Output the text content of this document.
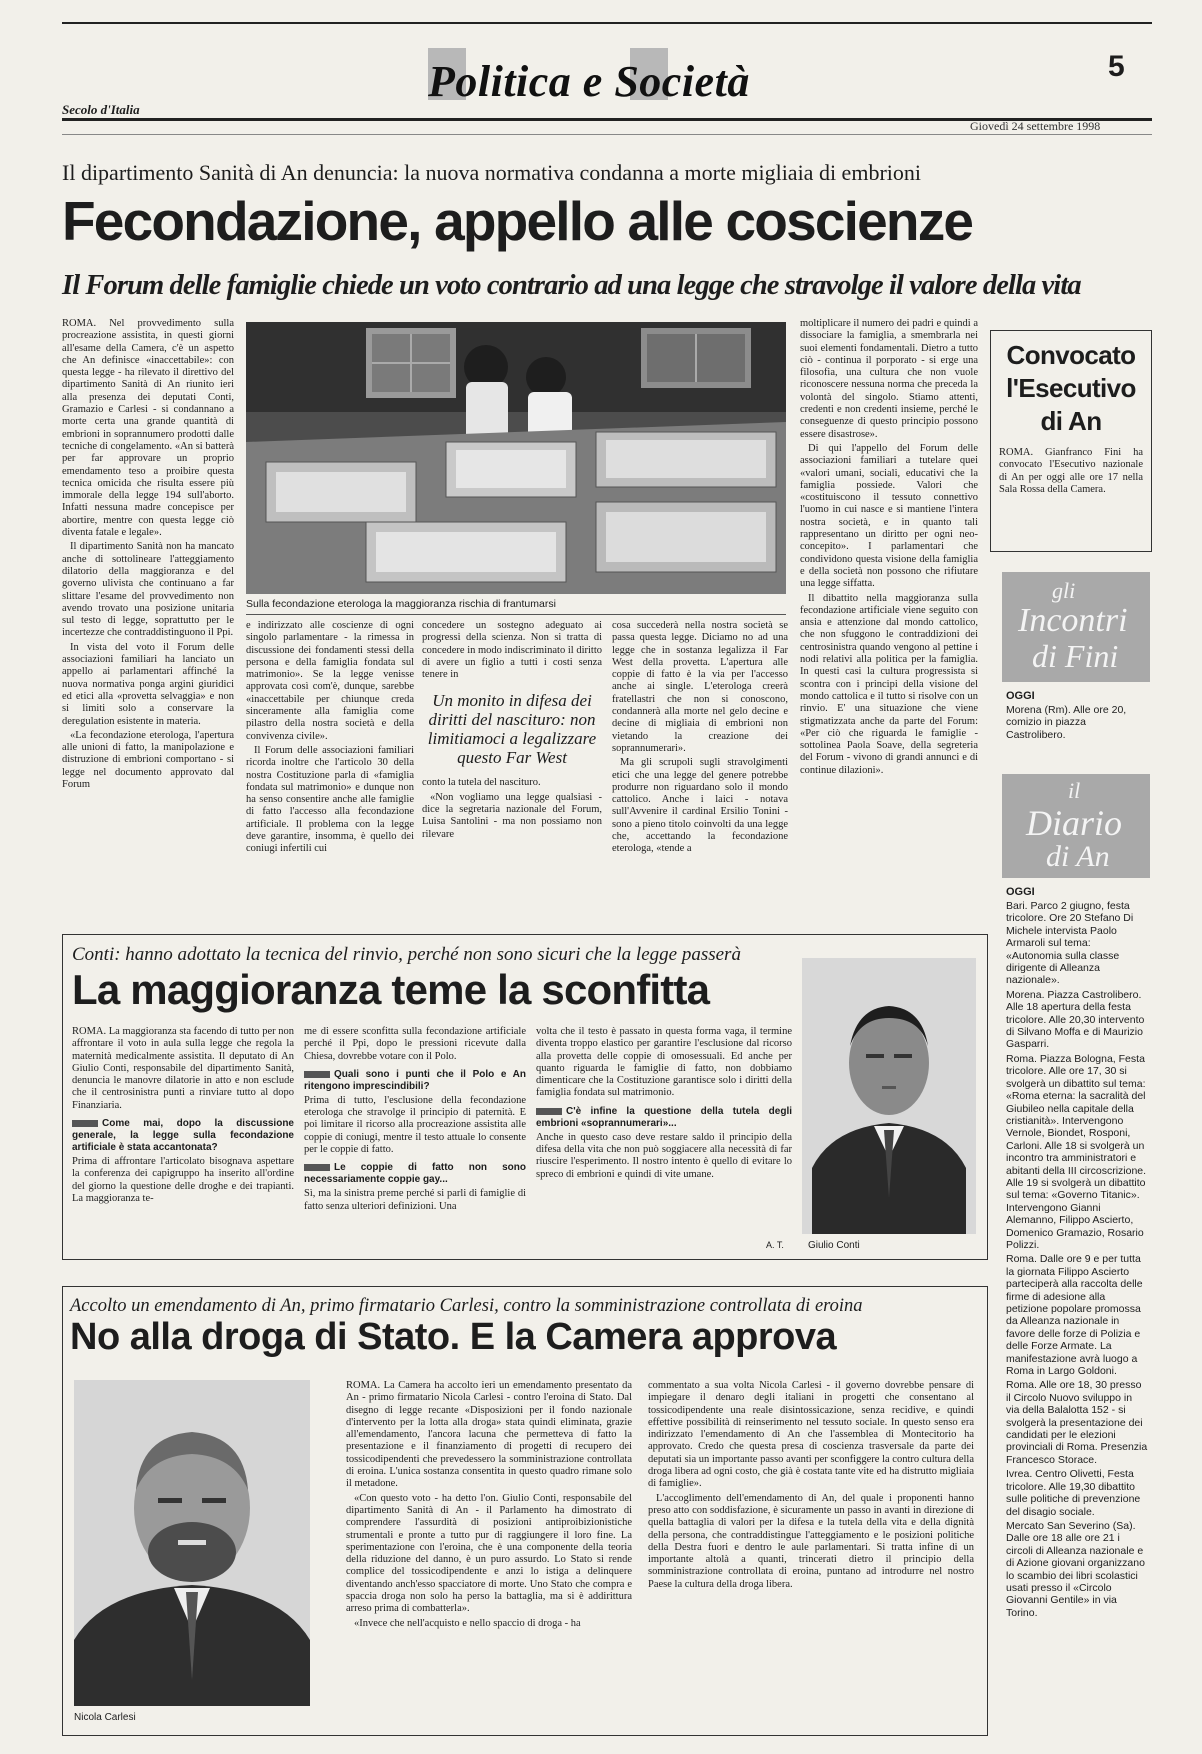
Politica e Società	5
Secolo d'Italia
Giovedì 24 settembre 1998
Il dipartimento Sanità di An denuncia: la nuova normativa condanna a morte migliaia di embrioni
Fecondazione, appello alle coscienze
Il Forum delle famiglie chiede un voto contrario ad una legge che stravolge il valore della vita

ROMA. Nel provvedimento sulla procreazione assistita, in questi giorni all'esame della Camera, c'è un aspetto che An definisce «inaccettabile»: con questa legge - ha rilevato il direttivo del dipartimento Sanità di An riunito ieri alla presenza dei deputati Conti, Gramazio e Carlesi - si condannano a morte certa una grande quantità di embrioni in soprannumero prodotti dalle tecniche di congelamento. «An si batterà per far approvare un proprio emendamento teso a proibire questa tecnica omicida che risulta essere più immorale della legge 194 sull'aborto. Infatti nessuna madre concepisce per abortire, mentre con questa legge ciò diventa fatale e legale».

Il dipartimento Sanità non ha mancato anche di sottolineare l'atteggiamento dilatorio della maggioranza e del governo ulivista che continuano a far slittare l'esame del provvedimento non avendo trovato una posizione unitaria sul testo di legge, soprattutto per le incertezze che contraddistinguono il Ppi.

In vista del voto il Forum delle associazioni familiari ha lanciato un appello ai parlamentari affinché la nuova normativa ponga argini giuridici ed etici alla «provetta selvaggia» e non si limiti solo a conservare la deregulation esistente in materia.

«La fecondazione eterologa, l'apertura alle unioni di fatto, la manipolazione e distruzione di embrioni comportano - si legge nel documento approvato dal Forum

Sulla fecondazione eterologa la maggioranza rischia di frantumarsi

e indirizzato alle coscienze di ogni singolo parlamentare - la rimessa in discussione dei fondamenti stessi della persona e della famiglia fondata sul matrimonio». Se la legge venisse approvata così com'è, dunque, sarebbe «inaccettabile per chiunque creda sinceramente alla famiglia come pilastro della nostra società e della convivenza civile».

Il Forum delle associazioni familiari ricorda inoltre che l'articolo 30 della nostra Costituzione parla di «famiglia fondata sul matrimonio» e dunque non ha senso consentire anche alle famiglie di fatto l'accesso alla fecondazione artificiale. Il problema con la legge deve garantire, insomma, è quello dei coniugi infertili cui

concedere un sostegno adeguato ai progressi della scienza. Non si tratta di concedere in modo indiscriminato il diritto di avere un figlio a tutti i costi senza tenere in

Un monito in difesa dei diritti del nascituro: non limitiamoci a legalizzare questo Far West

conto la tutela del nascituro.

«Non vogliamo una legge qualsiasi - dice la segretaria nazionale del Forum, Luisa Santolini - ma non possiamo non rilevare

cosa succederà nella nostra società se passa questa legge. Diciamo no ad una legge che in sostanza legalizza il Far West della provetta. L'apertura alle coppie di fatto è la via per l'accesso anche ai single. L'eterologa creerà fratellastri che non si conoscono, condannerà alla morte nel gelo decine e decine di migliaia di embrioni non vietando la creazione dei soprannumerari».

Ma gli scrupoli sugli stravolgimenti etici che una legge del genere potrebbe produrre non riguardano solo il mondo cattolico. Anche i laici - notava sull'Avvenire il cardinal Ersilio Tonini - sono a pieno titolo coinvolti da una legge che, accettando la fecondazione eterologa, «tende a

moltiplicare il numero dei padri e quindi a dissociare la famiglia, a smembrarla nei suoi elementi fondamentali. Dietro a tutto ciò - continua il porporato - si erge una filosofia, una cultura che non vuole riconoscere nessuna norma che preceda la volontà del singolo. Stiamo attenti, credenti e non credenti insieme, perché le conseguenze di questo principio possono essere disastrose».

Di qui l'appello del Forum delle associazioni familiari a tutelare quei «valori umani, sociali, educativi che la famiglia possiede. Valori che «costituiscono il tessuto connettivo l'uomo in cui nasce e si mantiene l'intera nostra società, e in quanto tali rappresentano un diritto per ogni neo-concepito». I parlamentari che condividono questa visione della famiglia e della società non possono che rifiutare una legge siffatta.

Il dibattito nella maggioranza sulla fecondazione artificiale viene seguito con ansia e attenzione dal mondo cattolico, che non sfuggono le contraddizioni dei centrosinistra quando vengono al pettine i nodi relativi alla politica per la famiglia. In questi casi la cultura progressista si scontra con i principi della visione del mondo cattolica e il tutto si risolve con un rinvio. E' una situazione che viene stigmatizzata anche da parte del Forum: «Per ciò che riguarda le famiglie - sottolinea Paola Soave, della segreteria del Forum - vivono di grandi annunci e di continue dilazioni».

Convocato l'Esecutivo di An
ROMA. Gianfranco Fini ha convocato l'Esecutivo nazionale di An per oggi alle ore 17 nella Sala Rossa della Camera.
gli
Incontri
di Fini
OGGI
Morena (Rm). Alle ore 20, comizio in piazza Castrolibero.
il
Diario
di An
OGGI
Bari. Parco 2 giugno, festa tricolore. Ore 20 Stefano Di Michele intervista Paolo Armaroli sul tema: «Autonomia sulla classe dirigente di Alleanza nazionale».
Morena. Piazza Castrolibero. Alle 18 apertura della festa tricolore. Alle 20,30 intervento di Silvano Moffa e di Maurizio Gasparri.
Roma. Piazza Bologna, Festa tricolore. Alle ore 17, 30 si svolgerà un dibattito sul tema: «Roma eterna: la sacralità del Giubileo nella capitale della cristianità». Intervengono Vernole, Biondet, Rosponi, Carloni. Alle 18 si svolgerà un incontro tra amministratori e abitanti della III circoscrizione. Alle 19 si svolgerà un dibattito sul tema: «Governo Titanic». Intervengono Gianni Alemanno, Filippo Ascierto, Domenico Gramazio, Rosario Polizzi.
Roma. Dalle ore 9 e per tutta la giornata Filippo Ascierto parteciperà alla raccolta delle firme di adesione alla petizione popolare promossa da Alleanza nazionale in favore delle forze di Polizia e delle Forze Armate. La manifestazione avrà luogo a Roma in Largo Goldoni.
Roma. Alle ore 18, 30 presso il Circolo Nuovo sviluppo in via della Balalotta 152 - si svolgerà la presentazione dei candidati per le elezioni provinciali di Roma. Presenzia Francesco Storace.
Ivrea. Centro Olivetti, Festa tricolore. Alle 19,30 dibattito sulle politiche di prevenzione del disagio sociale.
Mercato San Severino (Sa). Dalle ore 18 alle ore 21 i circoli di Alleanza nazionale e di Azione giovani organizzano lo scambio dei libri scolastici usati presso il «Circolo Giovanni Gentile» in via Torino.
Conti: hanno adottato la tecnica del rinvio, perché non sono sicuri che la legge passerà
La maggioranza teme la sconfitta

ROMA. La maggioranza sta facendo di tutto per non affrontare il voto in aula sulla legge che regola la maternità medicalmente assistita. Il deputato di An Giulio Conti, responsabile del dipartimento Sanità, denuncia le manovre dilatorie in atto e non esclude che il centrosinistra punti a rinviare tutto al dopo Finanziaria.

Come mai, dopo la discussione generale, la legge sulla fecondazione artificiale è stata accantonata?

Prima di affrontare l'articolato bisognava aspettare la conferenza dei capigruppo ha inserito all'ordine del giorno la questione delle droghe e dei trapianti. La maggioranza te-

me di essere sconfitta sulla fecondazione artificiale perché il Ppi, dopo le pressioni ricevute dalla Chiesa, dovrebbe votare con il Polo.

Quali sono i punti che il Polo e An ritengono imprescindibili?

Prima di tutto, l'esclusione della fecondazione eterologa che stravolge il principio di paternità. E poi limitare il ricorso alla procreazione assistita alle coppie di coniugi, mentre il testo attuale lo consente per le coppie di fatto.

Le coppie di fatto non sono necessariamente coppie gay...

Sì, ma la sinistra preme perché si parli di famiglie di fatto senza ulteriori definizioni. Una

volta che il testo è passato in questa forma vaga, il termine diventa troppo elastico per garantire l'esclusione dal ricorso alla provetta delle coppie di omosessuali. Ed anche per quanto riguarda le famiglie di fatto, non dobbiamo dimenticare che la Costituzione garantisce solo i diritti della famiglia fondata sul matrimonio.

C'è infine la questione della tutela degli embrioni «soprannumerari»...

Anche in questo caso deve restare saldo il principio della difesa della vita che non può soggiacere alla necessità di far riuscire l'esperimento. Il nostro intento è quello di evitare lo spreco di embrioni e quindi di vite umane.

A. T. Giulio Conti
Accolto un emendamento di An, primo firmatario Carlesi, contro la somministrazione controllata di eroina
No alla droga di Stato. E la Camera approva
Nicola Carlesi

ROMA. La Camera ha accolto ieri un emendamento presentato da An - primo firmatario Nicola Carlesi - contro l'eroina di Stato. Dal disegno di legge recante «Disposizioni per il fondo nazionale d'intervento per la lotta alla droga» stata quindi eliminata, grazie all'emendamento, l'ancora lacuna che permetteva di fatto la presentazione e il finanziamento di progetti di recupero dei tossicodipendenti che prevedessero la somministrazione controllata di eroina. L'unica sostanza consentita in questo quadro rimane solo il metadone.

«Con questo voto - ha detto l'on. Giulio Conti, responsabile del dipartimento Sanità di An - il Parlamento ha dimostrato di comprendere l'assurdità di posizioni antiproibizionistiche strumentali e pronte a tutto pur di raggiungere il loro fine. La sperimentazione con l'eroina, che è una componente della teoria della riduzione del danno, è un puro assurdo. Lo Stato si rende complice del tossicodipendente e anzi lo istiga a delinquere diventando anch'esso spacciatore di morte. Uno Stato che compra e spaccia droga non solo ha perso la battaglia, ma si è addirittura arreso prima di combatterla».

«Invece che nell'acquisto e nello spaccio di droga - ha

commentato a sua volta Nicola Carlesi - il governo dovrebbe pensare di impiegare il denaro degli italiani in progetti che consentano al tossicodipendente una reale disintossicazione, senza recidive, e quindi effettive possibilità di reinserimento nel tessuto sociale. In questo senso era indirizzato l'emendamento di An che l'assemblea di Montecitorio ha approvato. Credo che questa presa di coscienza trasversale da parte dei deputati sia un importante passo avanti per sconfiggere la contro cultura della droga libera ad ogni costo, che già è costata tante vite ed ha distrutto migliaia di famiglie».

L'accoglimento dell'emendamento di An, del quale i proponenti hanno preso atto con soddisfazione, è sicuramente un passo in avanti in direzione di quella battaglia di valori per la difesa e la tutela della vita e della dignità della persona, che contraddistingue l'atteggiamento e le posizioni politiche della Destra fuori e dentro le aule parlamentari. Si tratta infine di un importante altolà a quanti, trincerati dietro il principio della somministrazione controllata di eroina, puntano ad introdurre nel nostro Paese la cultura della droga libera.
